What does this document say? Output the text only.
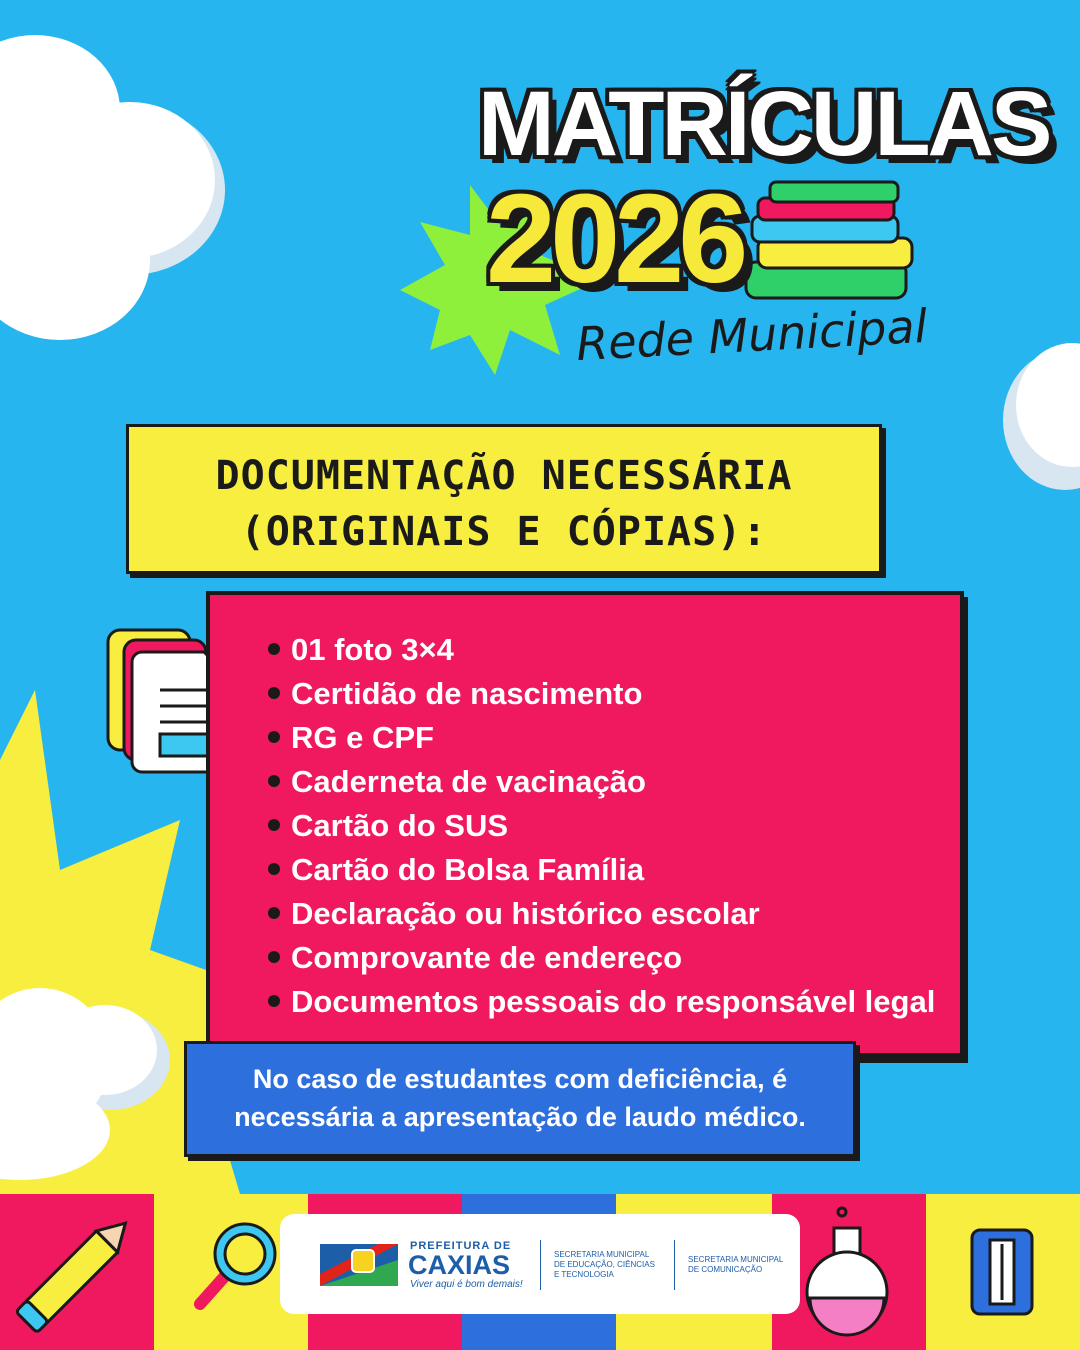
MATRÍCULAS
2026
Rede Municipal
DOCUMENTAÇÃO NECESSÁRIA
(ORIGINAIS E CÓPIAS):
01 foto 3×4
Certidão de nascimento
RG e CPF
Caderneta de vacinação
Cartão do SUS
Cartão do Bolsa Família
Declaração ou histórico escolar
Comprovante de endereço
Documentos pessoais do responsável legal
No caso de estudantes com deficiência, é
necessária a apresentação de laudo médico.
PREFEITURA DE
CAXIAS
Viver aqui é bom demais!
SECRETARIA MUNICIPAL
DE EDUCAÇÃO, CIÊNCIAS
E TECNOLOGIA
SECRETARIA MUNICIPAL
DE COMUNICAÇÃO
